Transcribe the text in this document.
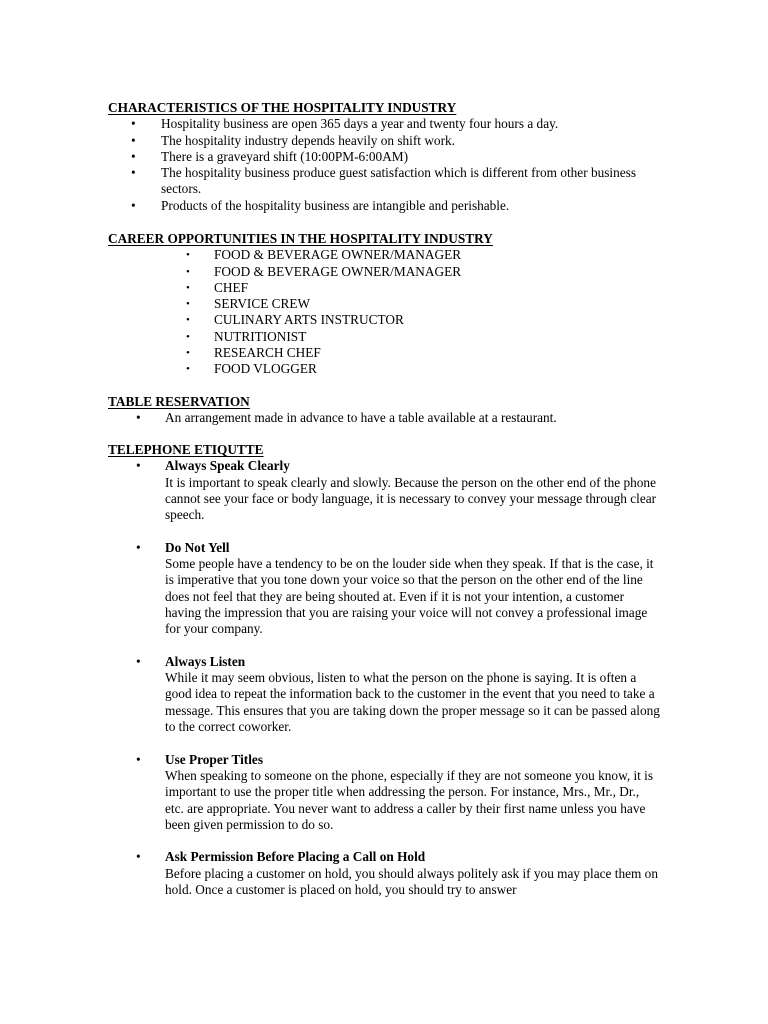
CHARACTERISTICS OF THE HOSPITALITY INDUSTRY

• Hospitality business are open 365 days a year and twenty four hours a day.
• The hospitality industry depends heavily on shift work.
• There is a graveyard shift (10:00PM-6:00AM)
• The hospitality business produce guest satisfaction which is different from other business sectors.
• Products of the hospitality business are intangible and perishable.

CAREER OPPORTUNITIES IN THE HOSPITALITY INDUSTRY

• FOOD & BEVERAGE OWNER/MANAGER
• FOOD & BEVERAGE OWNER/MANAGER
• CHEF
• SERVICE CREW
• CULINARY ARTS INSTRUCTOR
• NUTRITIONIST
• RESEARCH CHEF
• FOOD VLOGGER

TABLE RESERVATION

• An arrangement made in advance to have a table available at a restaurant.

TELEPHONE ETIQUTTE

• Always Speak Clearly
It is important to speak clearly and slowly. Because the person on the other end of the phone cannot see your face or body language, it is necessary to convey your message through clear speech.
• Do Not Yell
Some people have a tendency to be on the louder side when they speak. If that is the case, it is imperative that you tone down your voice so that the person on the other end of the line does not feel that they are being shouted at. Even if it is not your intention, a customer having the impression that you are raising your voice will not convey a professional image for your company.
• Always Listen
While it may seem obvious, listen to what the person on the phone is saying. It is often a good idea to repeat the information back to the customer in the event that you need to take a message. This ensures that you are taking down the proper message so it can be passed along to the correct coworker.
• Use Proper Titles
When speaking to someone on the phone, especially if they are not someone you know, it is important to use the proper title when addressing the person. For instance, Mrs., Mr., Dr., etc. are appropriate. You never want to address a caller by their first name unless you have been given permission to do so.
• Ask Permission Before Placing a Call on Hold
Before placing a customer on hold, you should always politely ask if you may place them on hold. Once a customer is placed on hold, you should try to answer
